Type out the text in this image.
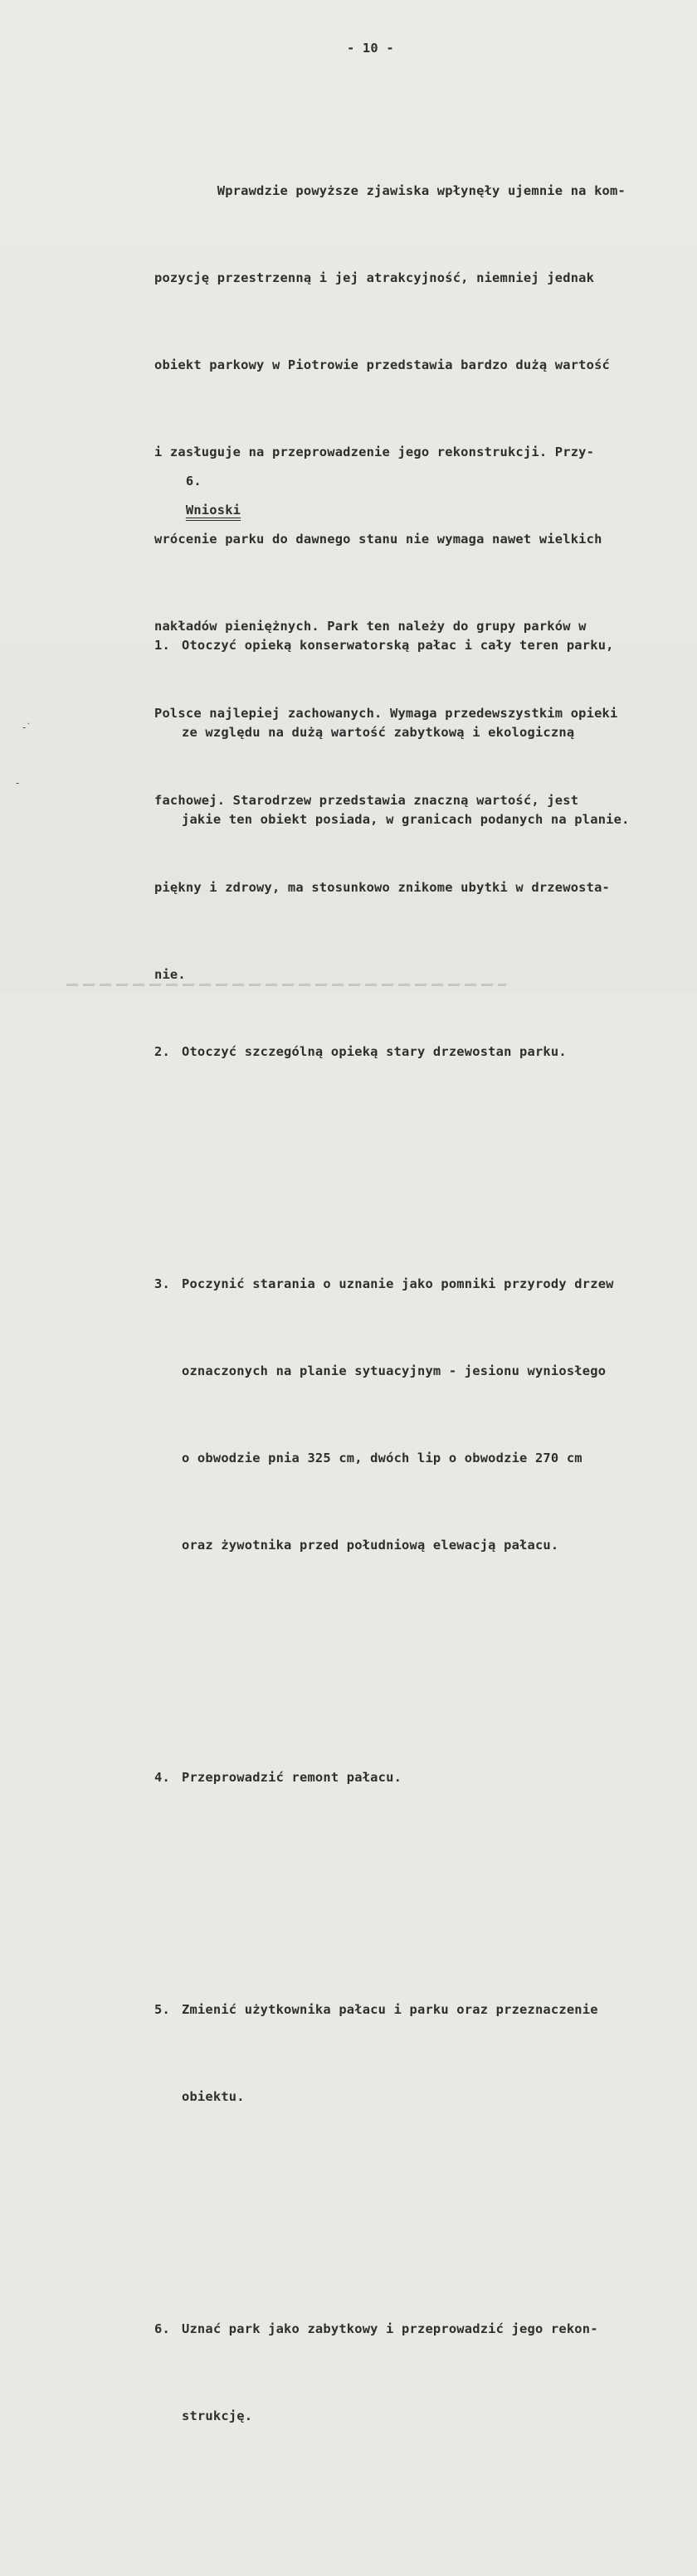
- 10 -

Wprawdzie powyższe zjawiska wpłynęły ujemnie na kom-

pozycję przestrzenną i jej atrakcyjność, niemniej jednak

obiekt parkowy w Piotrowie przedstawia bardzo dużą wartość

i zasługuje na przeprowadzenie jego rekonstrukcji. Przy-

wrócenie parku do dawnego stanu nie wymaga nawet wielkich

nakładów pieniężnych. Park ten należy do grupy parków w

Polsce najlepiej zachowanych. Wymaga przedewszystkim opieki

fachowej. Starodrzew przedstawia znaczną wartość, jest

piękny i zdrowy, ma stosunkowo znikome ubytki w drzewosta-

nie.

6.
Wnioski

1. Otoczyć opieką konserwatorską pałac i cały teren parku,

ze względu na dużą wartość zabytkową i ekologiczną

jakie ten obiekt posiada, w granicach podanych na planie.

2. Otoczyć szczególną opieką stary drzewostan parku.

3. Poczynić starania o uznanie jako pomniki przyrody drzew

oznaczonych na planie sytuacyjnym - jesionu wyniosłego

o obwodzie pnia 325 cm, dwóch lip o obwodzie 270 cm

oraz żywotnika przed południową elewacją pałacu.

4. Przeprowadzić remont pałacu.

5. Zmienić użytkownika pałacu i parku oraz przeznaczenie

obiektu.

6. Uznać park jako zabytkowy i przeprowadzić jego rekon-

strukcję.

-˙
-
